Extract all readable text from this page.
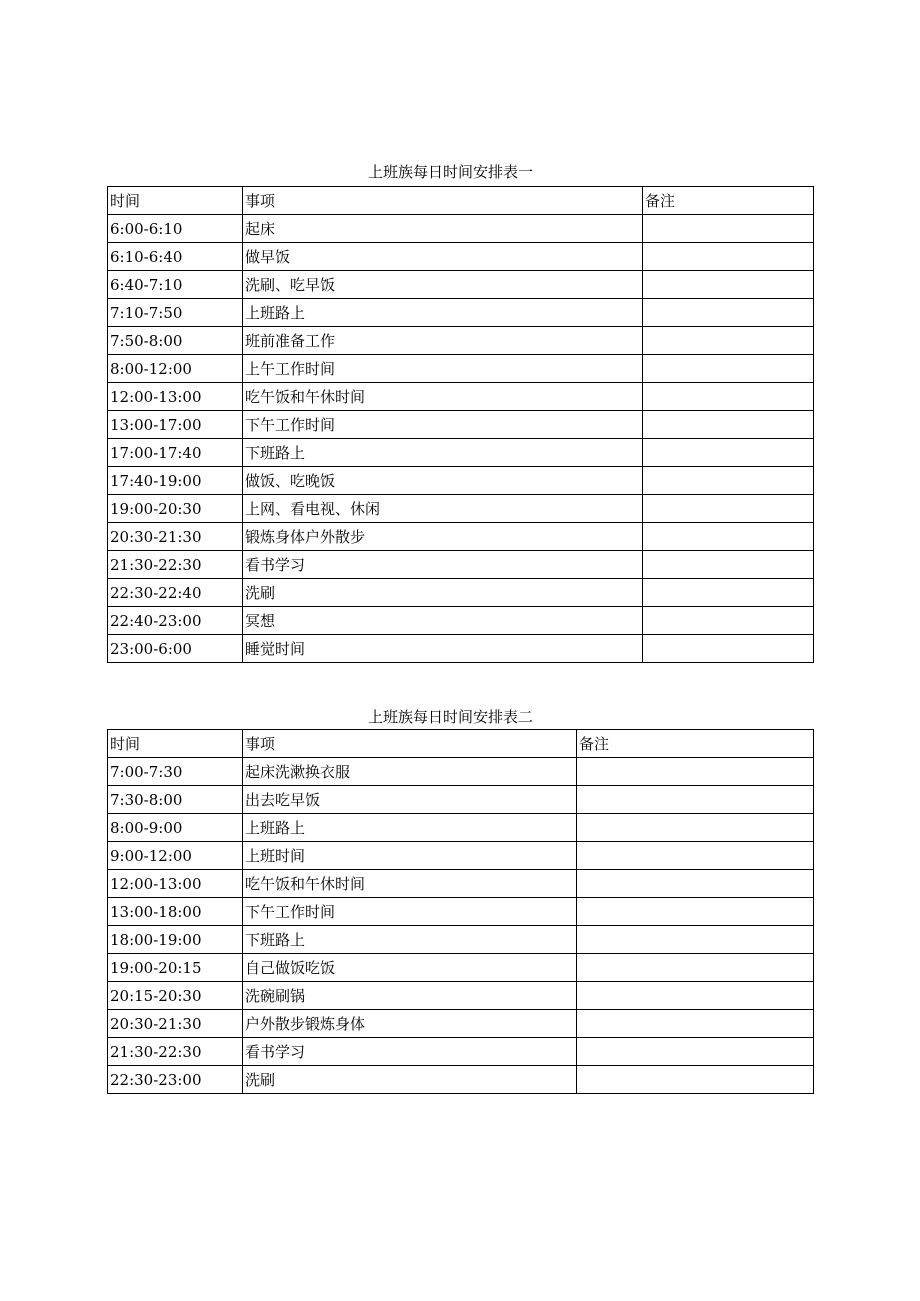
上班族每日时间安排表一
时间	事项	备注
6:00-6:10	起床	
6:10-6:40	做早饭	
6:40-7:10	洗刷、吃早饭	
7:10-7:50	上班路上	
7:50-8:00	班前准备工作	
8:00-12:00	上午工作时间	
12:00-13:00	吃午饭和午休时间	
13:00-17:00	下午工作时间	
17:00-17:40	下班路上	
17:40-19:00	做饭、吃晚饭	
19:00-20:30	上网、看电视、休闲	
20:30-21:30	锻炼身体户外散步	
21:30-22:30	看书学习	
22:30-22:40	洗刷	
22:40-23:00	冥想	
23:00-6:00	睡觉时间	
上班族每日时间安排表二
时间	事项	备注
7:00-7:30	起床洗漱换衣服	
7:30-8:00	出去吃早饭	
8:00-9:00	上班路上	
9:00-12:00	上班时间	
12:00-13:00	吃午饭和午休时间	
13:00-18:00	下午工作时间	
18:00-19:00	下班路上	
19:00-20:15	自己做饭吃饭	
20:15-20:30	洗碗刷锅	
20:30-21:30	户外散步锻炼身体	
21:30-22:30	看书学习	
22:30-23:00	洗刷	
